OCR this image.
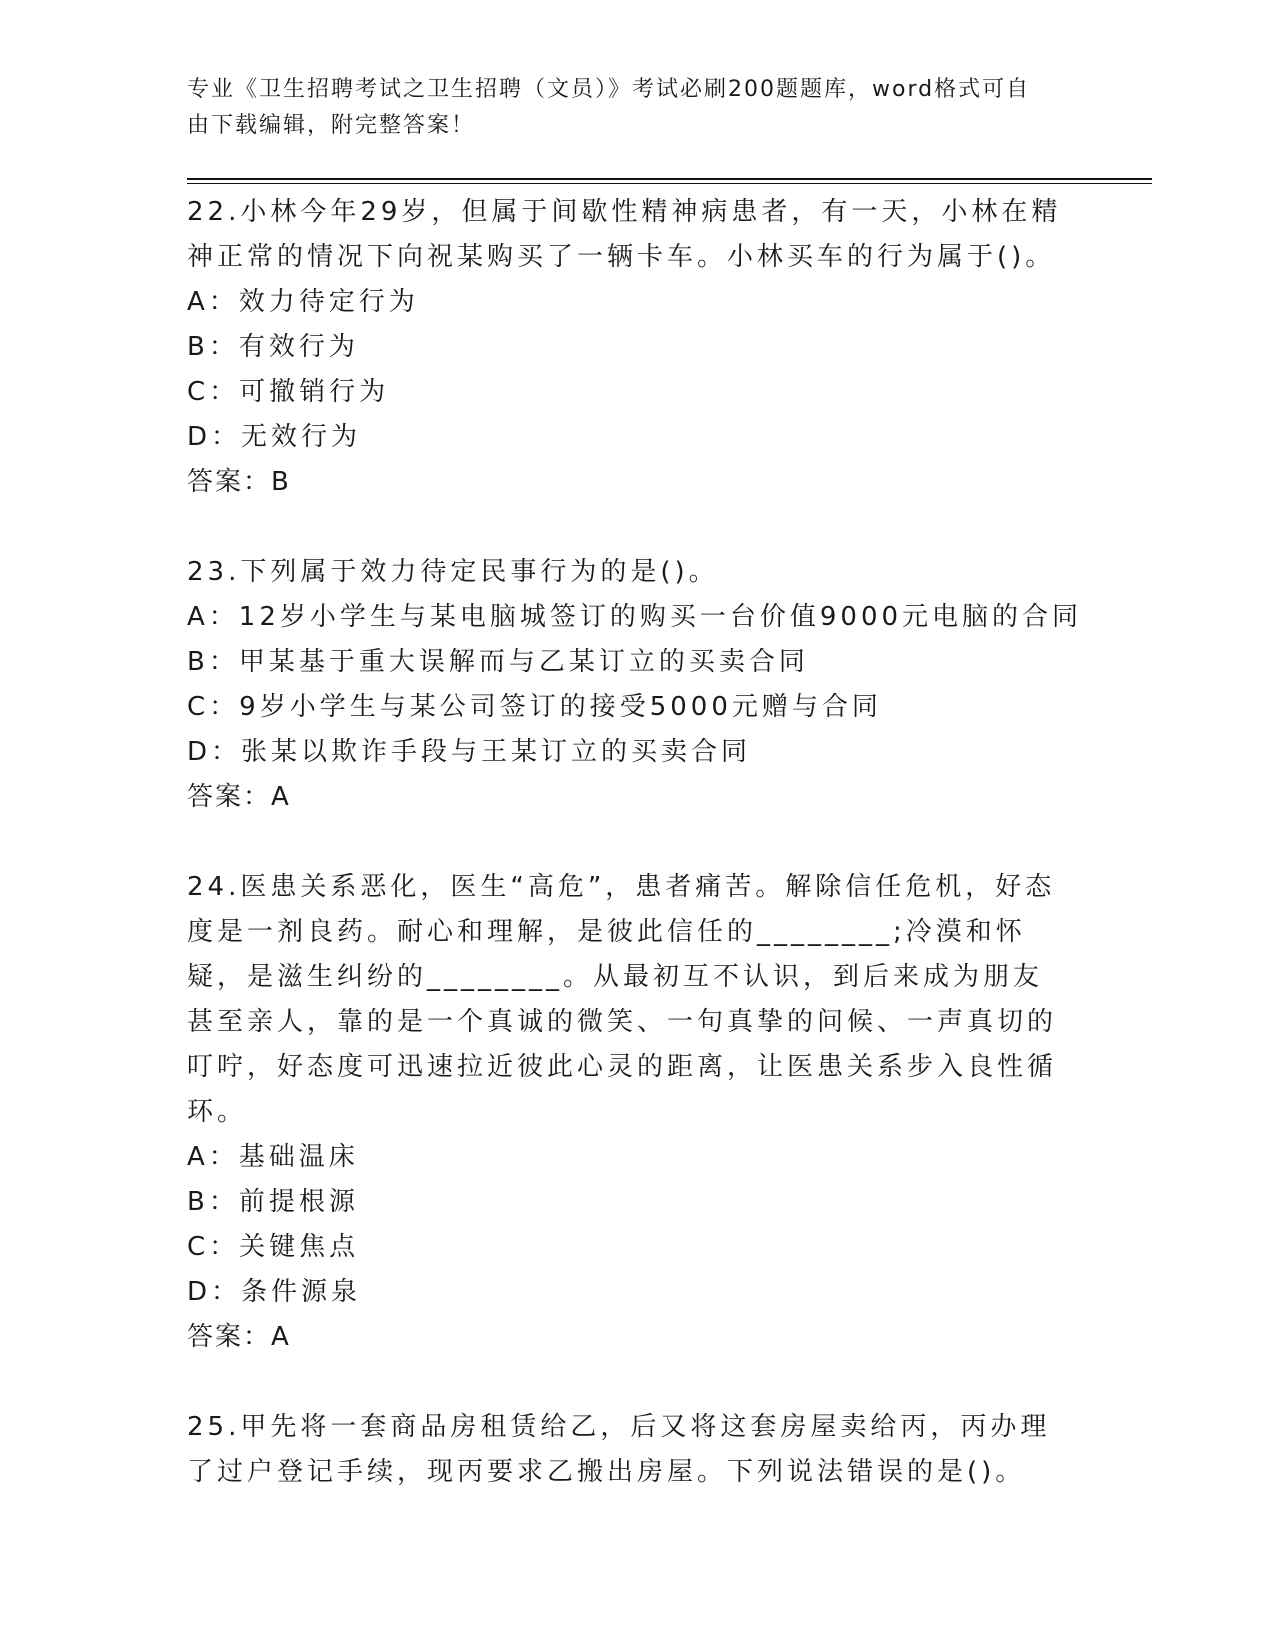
专业《卫生招聘考试之卫生招聘（文员）》考试必刷200题题库，word格式可自
由下载编辑，附完整答案！
22.小林今年29岁，但属于间歇性精神病患者，有一天，小林在精神正常的情况下向祝某购买了一辆卡车。小林买车的行为属于()。
A：效力待定行为
B：有效行为
C：可撤销行为
D：无效行为
答案：B
23.下列属于效力待定民事行为的是()。
A：12岁小学生与某电脑城签订的购买一台价值9000元电脑的合同
B：甲某基于重大误解而与乙某订立的买卖合同
C：9岁小学生与某公司签订的接受5000元赠与合同
D：张某以欺诈手段与王某订立的买卖合同
答案：A
24.医患关系恶化，医生“高危”，患者痛苦。解除信任危机，好态度是一剂良药。耐心和理解，是彼此信任的________;冷漠和怀疑，是滋生纠纷的________。从最初互不认识，到后来成为朋友甚至亲人，靠的是一个真诚的微笑、一句真挚的问候、一声真切的叮咛，好态度可迅速拉近彼此心灵的距离，让医患关系步入良性循环。
A：基础温床
B：前提根源
C：关键焦点
D：条件源泉
答案：A
25.甲先将一套商品房租赁给乙，后又将这套房屋卖给丙，丙办理了过户登记手续，现丙要求乙搬出房屋。下列说法错误的是()。
